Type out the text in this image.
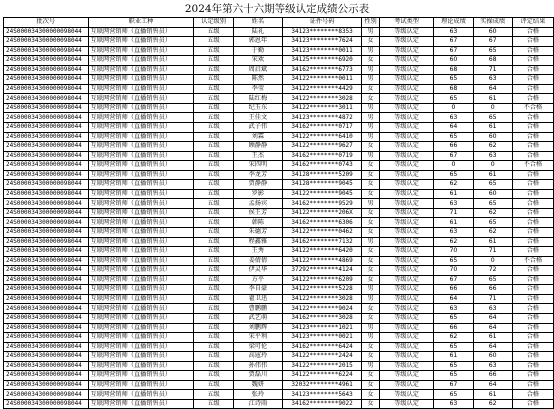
2024年第六十六期等级认定成绩公示表
批次号	职业工种	认定级别	姓名	证件号码	性别	考试类型	理论成绩	实操成绩	评定结果
24S000034300000098044	互联网营销师（直播销售员）	五级	陆礼	34123********8353	男	等级认定	63	60	合格
24S000034300000098044	互联网营销师（直播销售员）	五级	郭恩年	34123********7624	女	等级认定	67	67	合格
24S000034300000098044	互联网营销师（直播销售员）	五级	于勤	34123********0011	男	等级认定	67	65	合格
24S000034300000098044	互联网营销师（直播销售员）	五级	宋欢	34125********6920	女	等级认定	60	68	合格
24S000034300000098044	互联网营销师（直播销售员）	五级	周启斌	34162********6773	男	等级认定	68	71	合格
24S000034300000098044	互联网营销师（直播销售员）	五级	陈然	34122********0011	男	等级认定	65	63	合格
24S000034300000098044	互联网营销师（直播销售员）	五级	李莹	34122********4429	女	等级认定	68	64	合格
24S000034300000098044	互联网营销师（直播销售员）	五级	陆红梅	34122********3028	女	等级认定	65	61	合格
24S000034300000098044	互联网营销师（直播销售员）	五级	纪玉东	34122********3011	男	等级认定	0	0	不合格
24S000034300000098044	互联网营销师（直播销售员）	五级	王佳文	34123********4872	男	等级认定	63	65	合格
24S000034300000098044	互联网营销师（直播销售员）	五级	武子伟	34162********0717	男	等级认定	64	61	合格
24S000034300000098044	互联网营销师（直播销售员）	五级	刘霖	34122********6410	男	等级认定	65	60	合格
24S000034300000098044	互联网营销师（直播销售员）	五级	顾静静	34122********9627	女	等级认定	66	62	合格
24S000034300000098044	互联网营销师（直播销售员）	五级	王杰	34162********0719	男	等级认定	67	63	合格
24S000034300000098044	互联网营销师（直播销售员）	五级	宋四明	34162********0743	女	等级认定	0	0	不合格
24S000034300000098044	互联网营销师（直播销售员）	五级	李龙芳	34128********5209	女	等级认定	65	61	合格
24S000034300000098044	互联网营销师（直播销售员）	五级	贾静静	34128********9045	女	等级认定	62	65	合格
24S000034300000098044	互联网营销师（直播销售员）	五级	罗影	34122********9045	女	等级认定	61	60	合格
24S000034300000098044	互联网营销师（直播销售员）	五级	孟扬宾	34162********9529	男	等级认定	63	65	合格
24S000034300000098044	互联网营销师（直播销售员）	五级	侯王芳	34122********206X	女	等级认定	71	62	合格
24S000034300000098044	互联网营销师（直播销售员）	五级	韩陈	34162********6306	女	等级认定	61	65	合格
24S000034300000098044	互联网营销师（直播销售员）	五级	朱德芳	34122********0462	女	等级认定	63	62	合格
24S000034300000098044	互联网营销师（直播销售员）	五级	程鑫雅	34162********7132	男	等级认定	62	61	合格
24S000034300000098044	互联网营销师（直播销售员）	五级	王秀	34122********6420	女	等级认定	70	71	合格
24S000034300000098044	互联网营销师（直播销售员）	五级	姜倩倩	34122********4869	女	等级认定	65	0	不合格
24S000034300000098044	互联网营销师（直播销售员）	五级	伊灵华	37292********4124	女	等级认定	70	72	合格
24S000034300000098044	互联网营销师（直播销售员）	五级	方平	34122********6209	女	等级认定	67	65	合格
24S000034300000098044	互联网营销师（直播销售员）	五级	李自豪	34122********5228	男	等级认定	66	66	合格
24S000034300000098044	互联网营销师（直播销售员）	五级	翟卫迅	34122********3028	男	等级认定	64	71	合格
24S000034300000098044	互联网营销师（直播销售员）	五级	曹鹏鹏	34122********9024	女	等级认定	63	63	合格
24S000034300000098044	互联网营销师（直播销售员）	五级	武艺萌	34162********3028	女	等级认定	65	64	合格
24S000034300000098044	互联网营销师（直播销售员）	五级	刘鹏辉	34123********1021	男	等级认定	66	64	合格
24S000034300000098044	互联网营销师（直播销售员）	五级	宋平利	34123********0021	男	等级认定	62	61	合格
24S000034300000098044	互联网营销师（直播销售员）	五级	梁可伦	34162********6424	女	等级认定	65	64	合格
24S000034300000098044	互联网营销师（直播销售员）	五级	高寇玲	34122********2424	女	等级认定	61	60	合格
24S000034300000098044	互联网营销师（直播销售员）	五级	孙伟伟	34122********2015	男	等级认定	65	63	合格
24S000034300000098044	互联网营销师（直播销售员）	五级	贾磊川	34122********6224	女	等级认定	65	66	合格
24S000034300000098044	互联网营销师（直播销售员）	五级	魏妍	32032********4961	女	等级认定	67	64	合格
24S000034300000098044	互联网营销师（直播销售员）	五级	张玲	34123********5643	女	等级认定	65	61	合格
24S000034300000098044	互联网营销师（直播销售员）	五级	江诗雨	34162********9022	女	等级认定	63	62	合格
